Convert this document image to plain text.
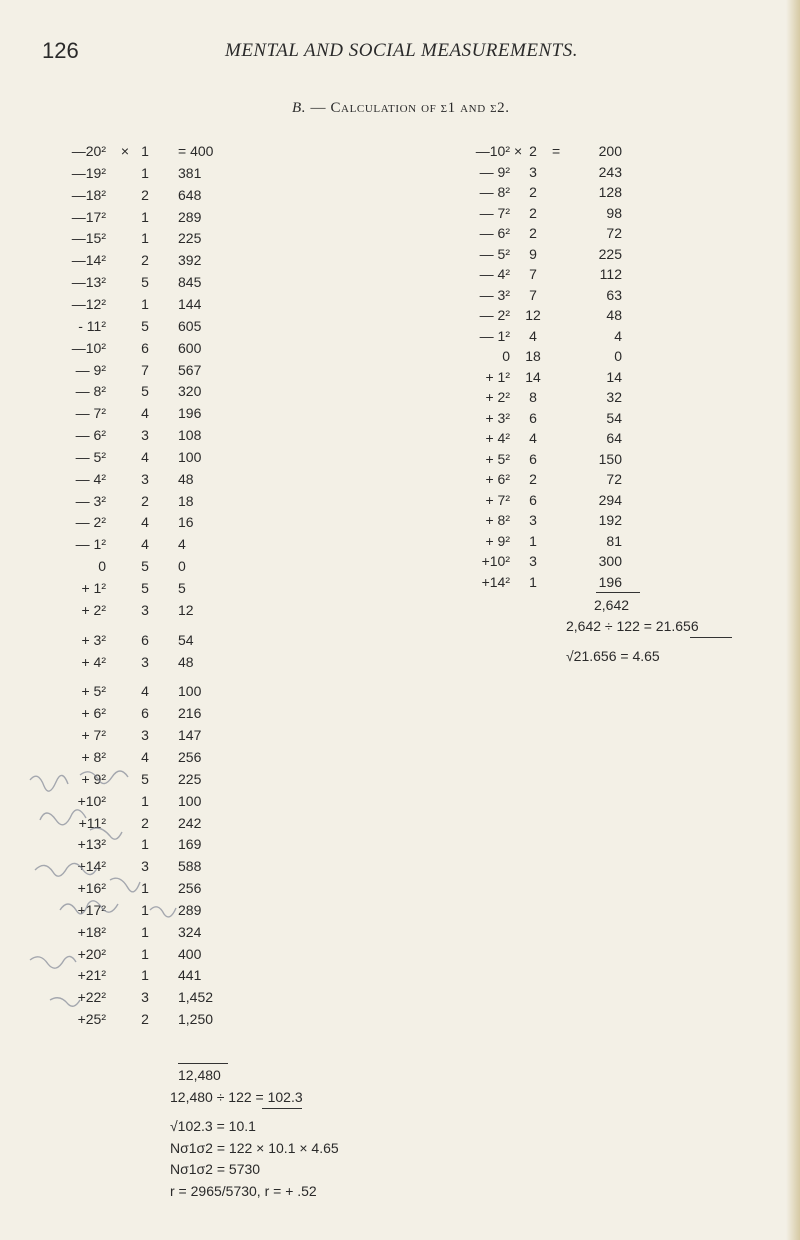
126	MENTAL AND SOCIAL MEASUREMENTS.
B. — Calculation of σ1 and σ2.
—20²	× 1	= 400
—19²	1	381
—18²	2	648
—17²	1	289
—15²	1	225
—14²	2	392
—13²	5	845
—12²	1	144
- 11²	5	605
—10²	6	600
— 9²	7	567
— 8²	5	320
— 7²	4	196
— 6²	3	108
— 5²	4	100
— 4²	3	48
— 3²	2	18
— 2²	4	16
— 1²	4	4
0	5	0
+ 1²	5	5
+ 2²	3	12
+ 3²	6	54
+ 4²	3	48
+ 5²	4	100
+ 6²	6	216
+ 7²	3	147
+ 8²	4	256
+ 9²	5	225
+10²	1	100
+11²	2	242
+13²	1	169
+14²	3	588
+16²	1	256
+17²	1	289
+18²	1	324
+20²	1	400
+21²	1	441
+22²	3	1,452
+25²	2	1,250
—10² × 2	=	200
— 9²	3	243
— 8²	2	128
— 7²	2	98
— 6²	2	72
— 5²	9	225
— 4²	7	112
— 3²	7	63
— 2²	12	48
— 1²	4	4
0	18	0
+ 1²	14	14
+ 2²	8	32
+ 3²	6	54
+ 4²	4	64
+ 5²	6	150
+ 6²	2	72
+ 7²	6	294
+ 8²	3	192
+ 9²	1	81
+10²	3	300
+14²	1	196
2,642
2,642 ÷ 122 = 21.656
√21.656 = 4.65
12,480
12,480 ÷ 122 = 102.3
√102.3 = 10.1
Nσ1σ2 = 122 × 10.1 × 4.65
Nσ1σ2 = 5730
r = 2965/5730, r = + .52
